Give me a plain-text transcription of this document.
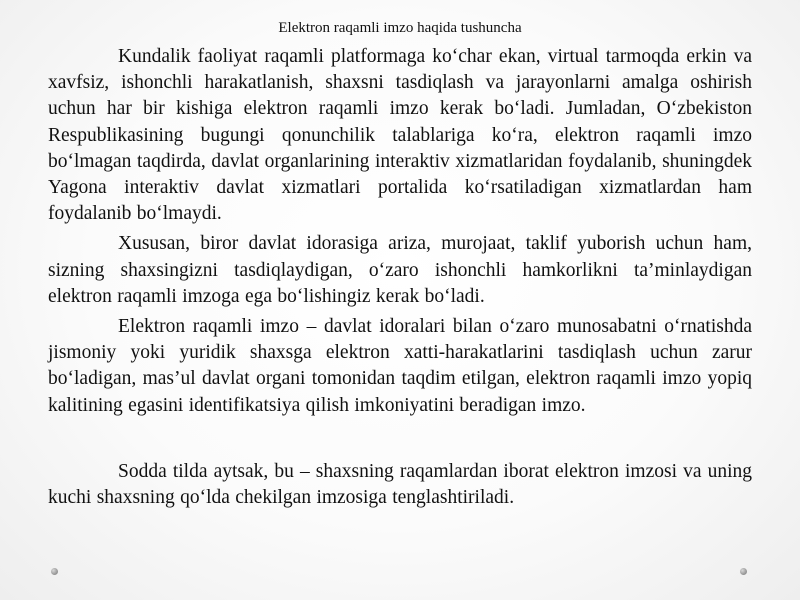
Elektron raqamli imzo haqida tushuncha

Kundalik faoliyat raqamli platformaga ko‘char ekan, virtual tarmoqda erkin va xavfsiz, ishonchli harakatlanish, shaxsni tasdiqlash va jarayonlarni amalga oshirish uchun har bir kishiga elektron raqamli imzo kerak bo‘ladi. Jumladan, O‘zbekiston Respublikasining bugungi qonunchilik talablariga ko‘ra, elektron raqamli imzo bo‘lmagan taqdirda, davlat organlarining interaktiv xizmatlaridan foydalanib, shuningdek Yagona interaktiv davlat xizmatlari portalida ko‘rsatiladigan xizmatlardan ham foydalanib bo‘lmaydi.

Xususan, biror davlat idorasiga ariza, murojaat, taklif yuborish uchun ham, sizning shaxsingizni tasdiqlaydigan, o‘zaro ishonchli hamkorlikni ta’minlaydigan elektron raqamli imzoga ega bo‘lishingiz kerak bo‘ladi.

Elektron raqamli imzo – davlat idoralari bilan o‘zaro munosabatni o‘rnatishda jismoniy yoki yuridik shaxsga elektron xatti-harakatlarini tasdiqlash uchun zarur bo‘ladigan, mas’ul davlat organi tomonidan taqdim etilgan, elektron raqamli imzo yopiq kalitining egasini identifikatsiya qilish imkoniyatini beradigan imzo.

Sodda tilda aytsak, bu – shaxsning raqamlardan iborat elektron imzosi va uning kuchi shaxsning qo‘lda chekilgan imzosiga tenglashtiriladi.
